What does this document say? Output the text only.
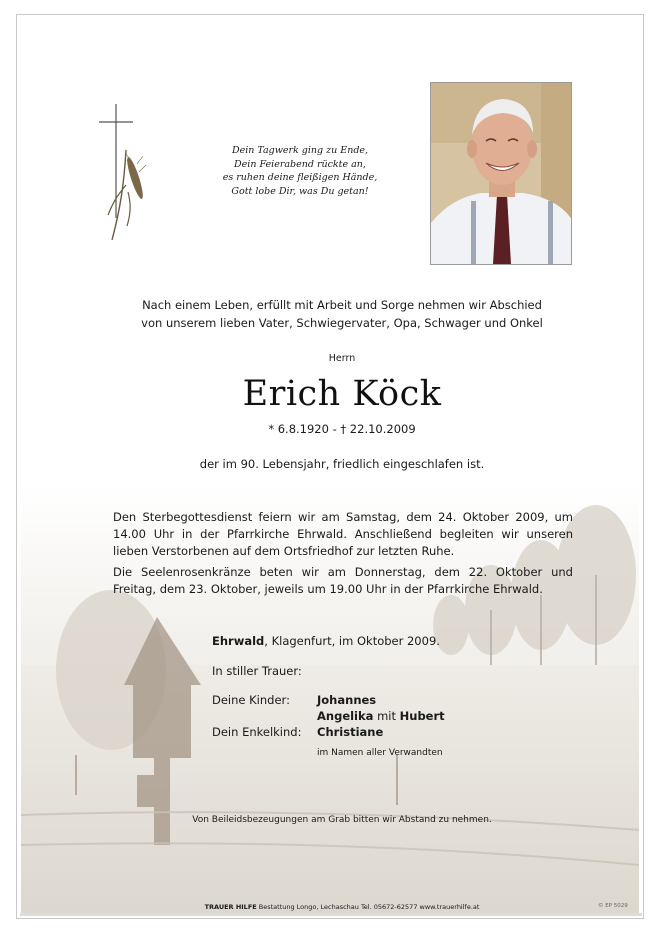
Dein Tagwerk ging zu Ende,
Dein Feierabend rückte an,
es ruhen deine fleißigen Hände,
Gott lobe Dir, was Du getan!
Nach einem Leben, erfüllt mit Arbeit und Sorge nehmen wir Abschied
von unserem lieben Vater, Schwiegervater, Opa, Schwager und Onkel
Herrn
Erich Köck
* 6.8.1920 - † 22.10.2009
der im 90. Lebensjahr, friedlich eingeschlafen ist.
Den Sterbegottesdienst feiern wir am Samstag, dem 24. Oktober 2009, um 14.00 Uhr in der Pfarrkirche Ehrwald. Anschließend begleiten wir unseren lieben Verstorbenen auf dem Ortsfriedhof zur letzten Ruhe.
Die Seelenrosenkränze beten wir am Donnerstag, dem 22. Oktober und Freitag, dem 23. Oktober, jeweils um 19.00 Uhr in der Pfarrkirche Ehrwald.
Ehrwald, Klagenfurt, im Oktober 2009.
In stiller Trauer:
Deine Kinder: Johannes
Angelika mit Hubert
Dein Enkelkind: Christiane
im Namen aller Verwandten
Von Beileidsbezeugungen am Grab bitten wir Abstand zu nehmen.
TRAUER HILFE Bestattung Longo, Lechaschau Tel. 05672-62577 www.trauerhilfe.at	© EP 5029
